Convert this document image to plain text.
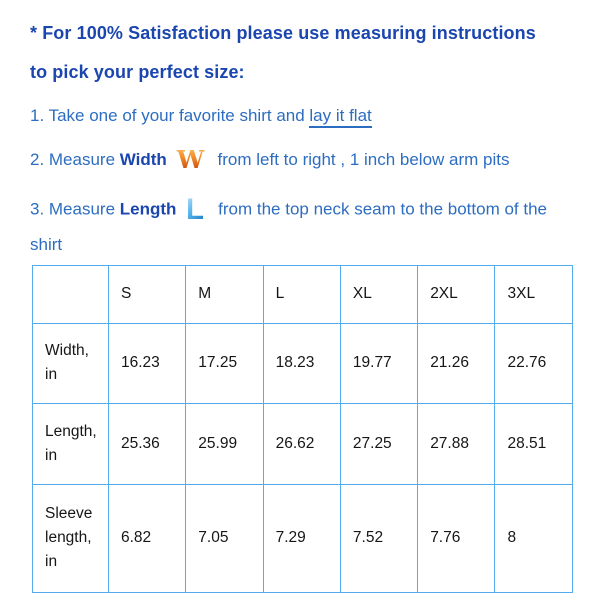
* For 100% Satisfaction please use measuring instructions
to pick your perfect size:
1. Take one of your favorite shirt and lay it flat
2. Measure Width W from left to right , 1 inch below arm pits
3. Measure Length L from the top neck seam to the bottom of the shirt
	S	M	L	XL	2XL	3XL
Width, in	16.23	17.25	18.23	19.77	21.26	22.76
Length, in	25.36	25.99	26.62	27.25	27.88	28.51
Sleeve length, in	6.82	7.05	7.29	7.52	7.76	8
